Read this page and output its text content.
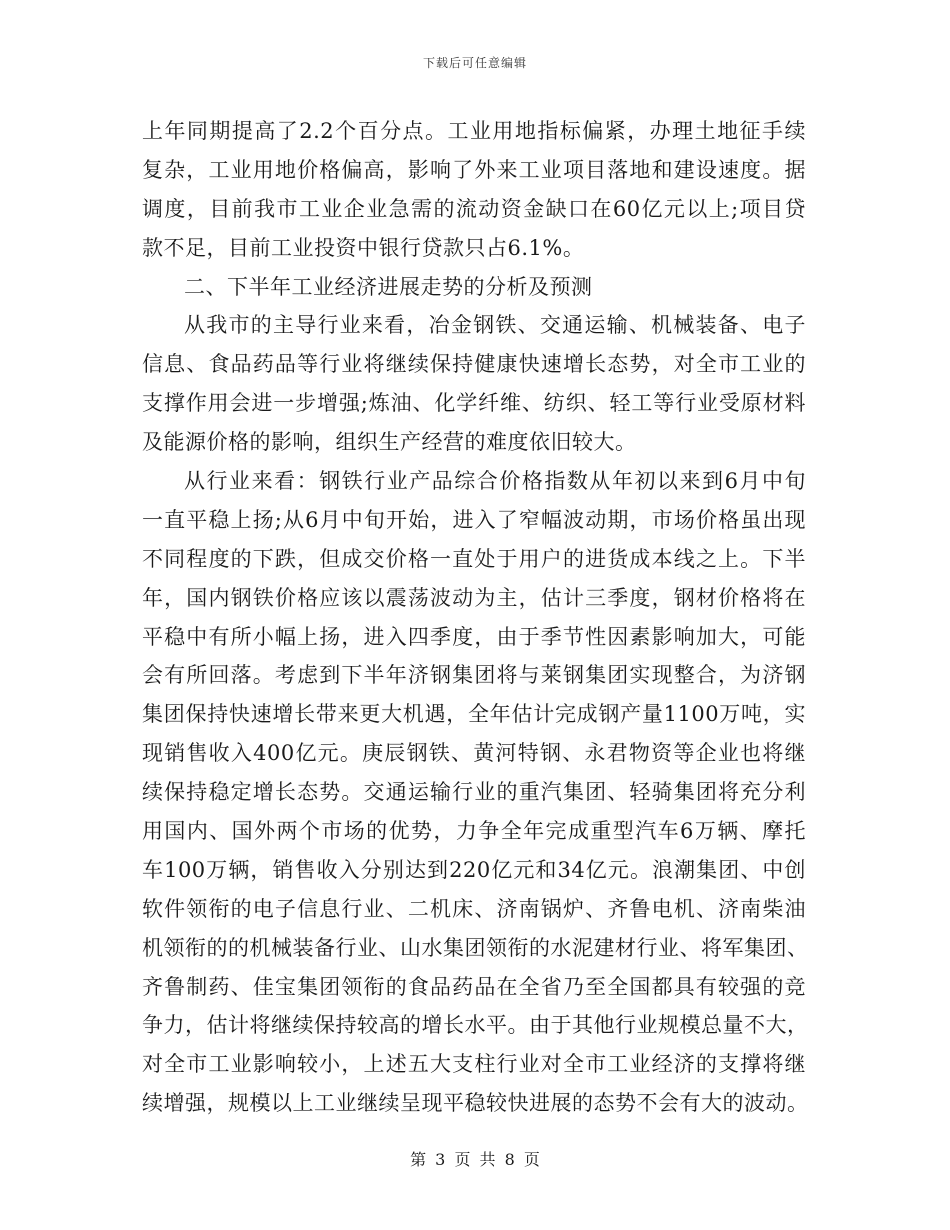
下载后可任意编辑
上年同期提高了2.2个百分点。工业用地指标偏紧，办理土地征手续
复杂，工业用地价格偏高，影响了外来工业项目落地和建设速度。据
调度，目前我市工业企业急需的流动资金缺口在60亿元以上;项目贷
款不足，目前工业投资中银行贷款只占6.1%。
二、下半年工业经济进展走势的分析及预测
从我市的主导行业来看，冶金钢铁、交通运输、机械装备、电子
信息、食品药品等行业将继续保持健康快速增长态势，对全市工业的
支撑作用会进一步增强;炼油、化学纤维、纺织、轻工等行业受原材料
及能源价格的影响，组织生产经营的难度依旧较大。
从行业来看：钢铁行业产品综合价格指数从年初以来到6月中旬
一直平稳上扬;从6月中旬开始，进入了窄幅波动期，市场价格虽出现
不同程度的下跌，但成交价格一直处于用户的进货成本线之上。下半
年，国内钢铁价格应该以震荡波动为主，估计三季度，钢材价格将在
平稳中有所小幅上扬，进入四季度，由于季节性因素影响加大，可能
会有所回落。考虑到下半年济钢集团将与莱钢集团实现整合，为济钢
集团保持快速增长带来更大机遇，全年估计完成钢产量1100万吨，实
现销售收入400亿元。庚辰钢铁、黄河特钢、永君物资等企业也将继
续保持稳定增长态势。交通运输行业的重汽集团、轻骑集团将充分利
用国内、国外两个市场的优势，力争全年完成重型汽车6万辆、摩托
车100万辆，销售收入分别达到220亿元和34亿元。浪潮集团、中创
软件领衔的电子信息行业、二机床、济南锅炉、齐鲁电机、济南柴油
机领衔的的机械装备行业、山水集团领衔的水泥建材行业、将军集团、
齐鲁制药、佳宝集团领衔的食品药品在全省乃至全国都具有较强的竞
争力，估计将继续保持较高的增长水平。由于其他行业规模总量不大，
对全市工业影响较小，上述五大支柱行业对全市工业经济的支撑将继
续增强，规模以上工业继续呈现平稳较快进展的态势不会有大的波动。
第 3 页 共 8 页
